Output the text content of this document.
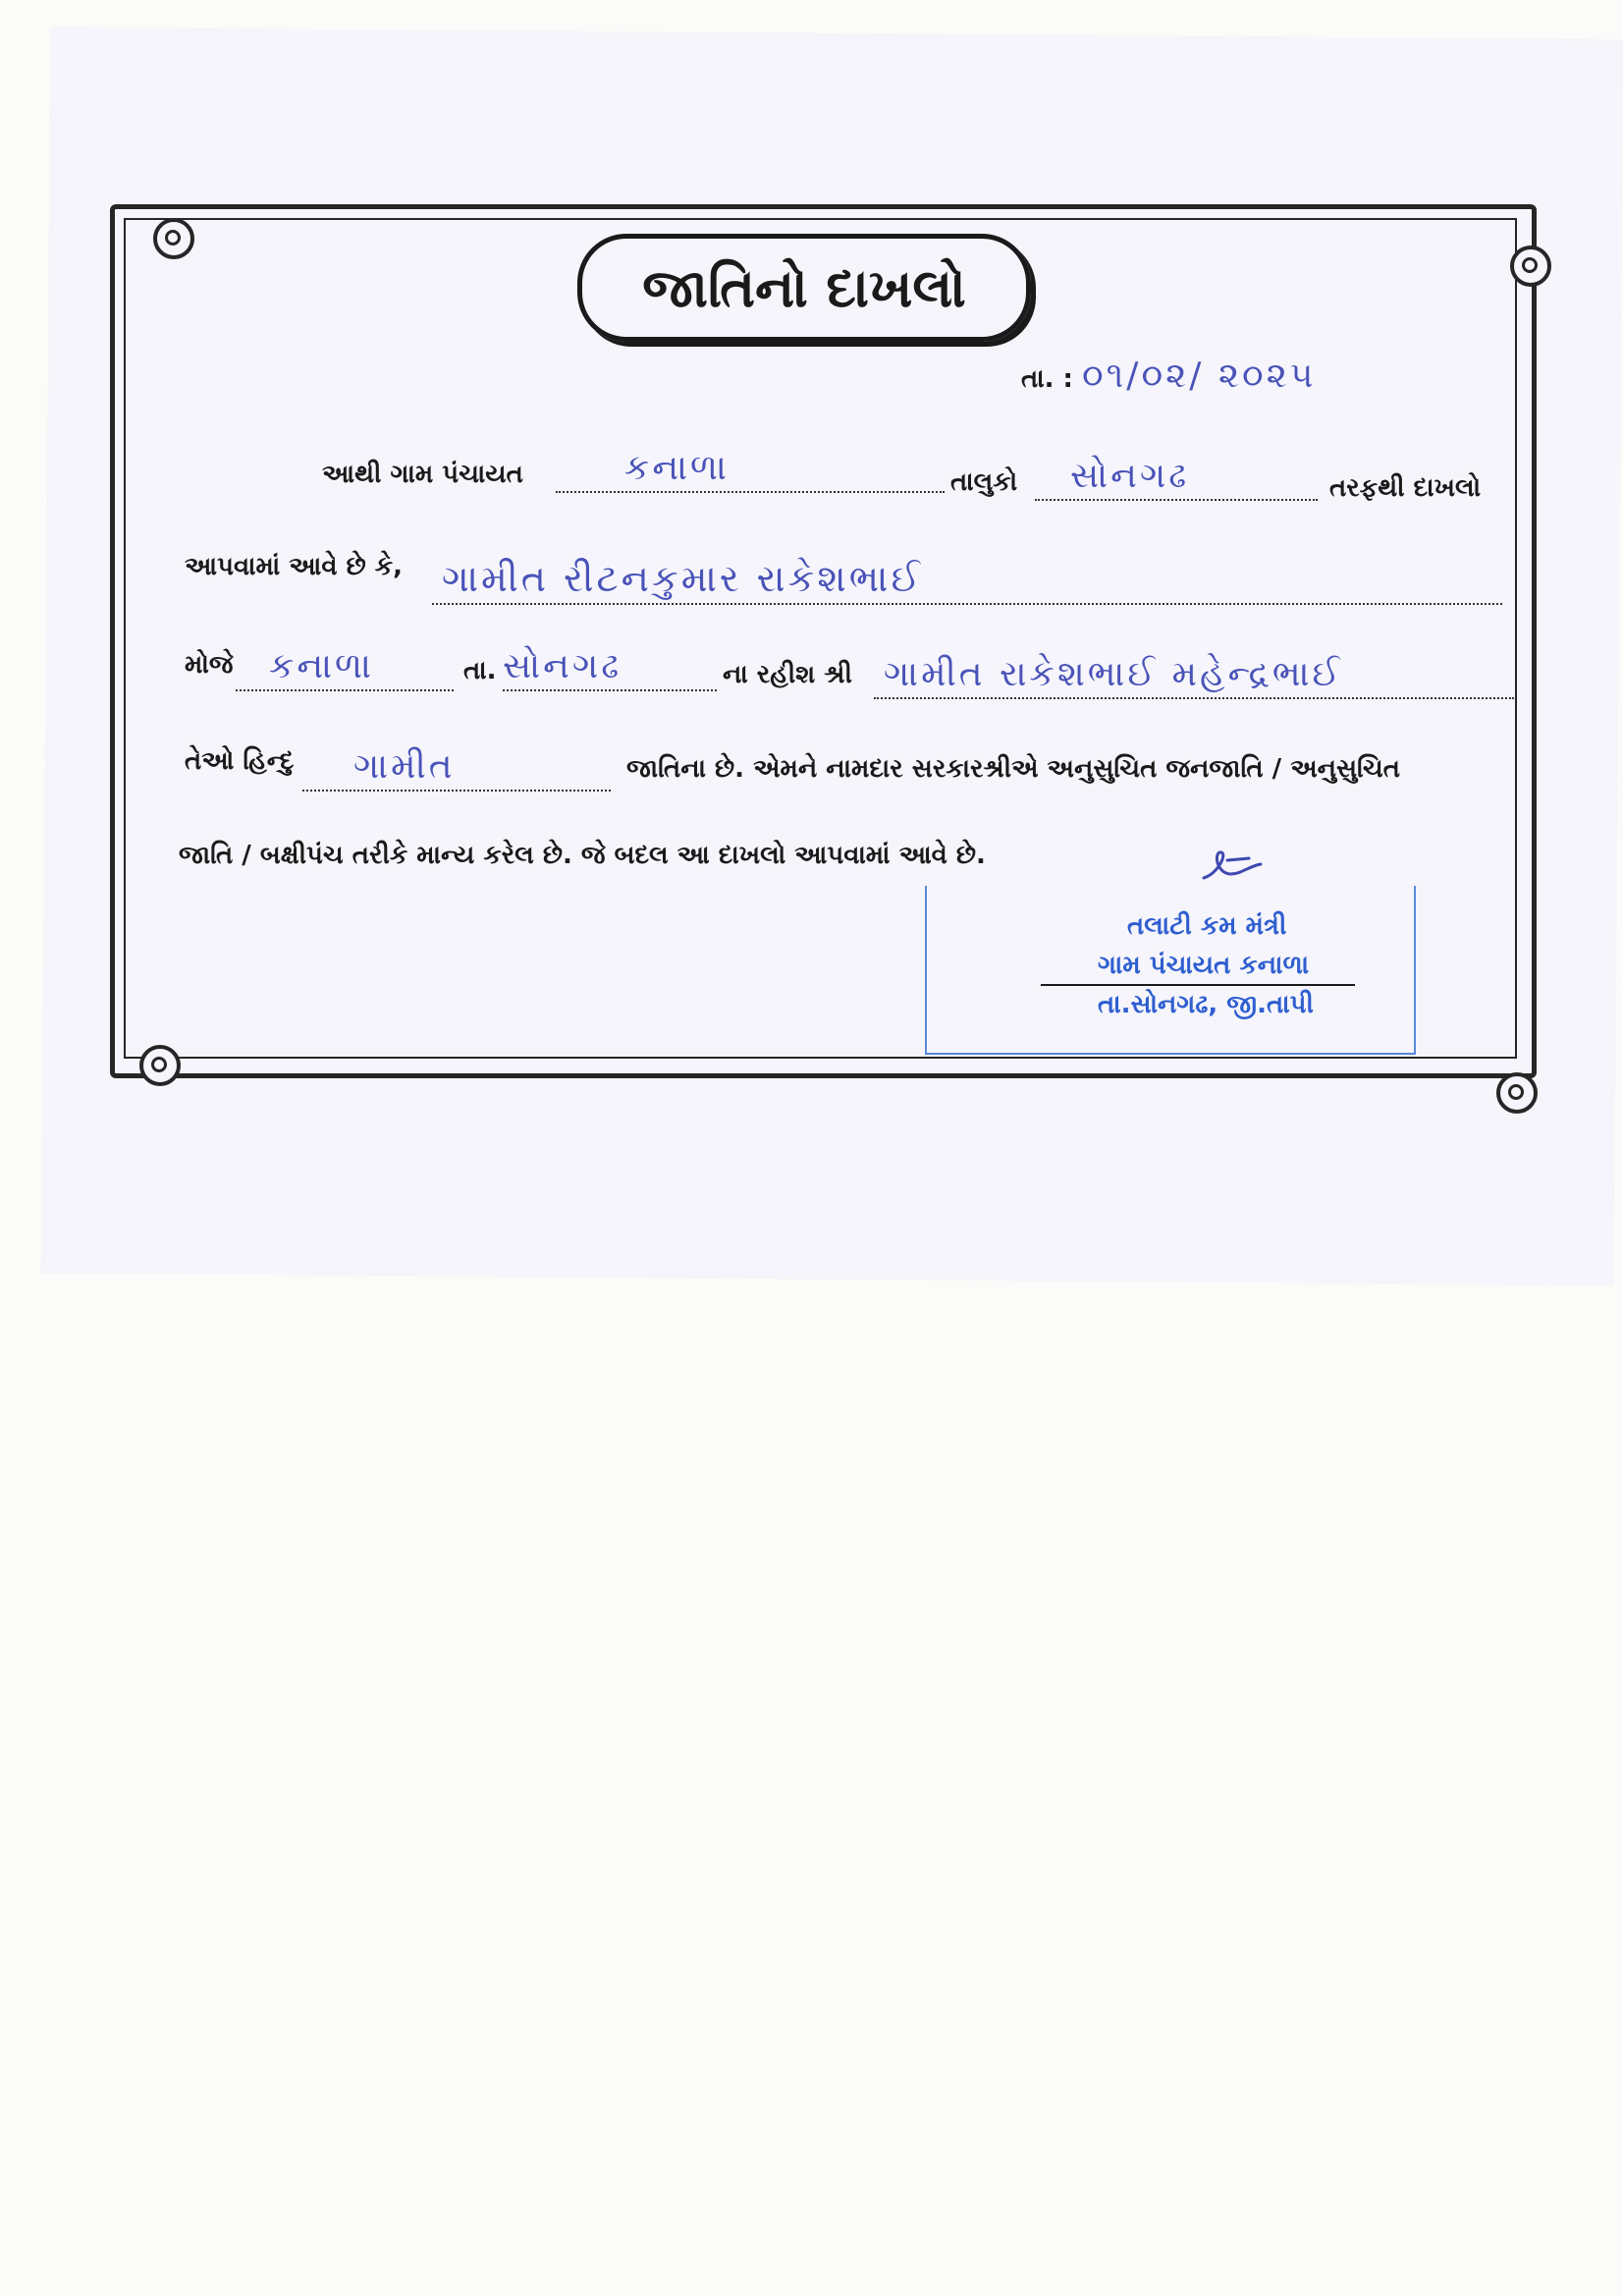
જાતિનો દાખલો
તા. : ૦૧/૦૨/ ૨૦૨૫
આથી ગામ પંચાયત	કનાળા	તાલુકો સોનગઢ	તરફથી દાખલો
આપવામાં આવે છે કે, ગામીત રીટનકુમાર રાકેશભાઈ
મોજે કનાળા	તા. સોનગઢ	ના રહીશ શ્રી ગામીત રાકેશભાઈ મહેન્દ્રભાઈ
તેઓ હિન્દુ ગામીત	જાતિના છે. એમને નામદાર સરકારશ્રીએ અનુસુચિત જનજાતિ / અનુસુચિત
જાતિ / બક્ષીપંચ તરીકે માન્ય કરેલ છે. જે બદલ આ દાખલો આપવામાં આવે છે.
તલાટી કમ મંત્રી
ગામ પંચાયત કનાળા
તા.સોનગઢ, જી.તાપી
